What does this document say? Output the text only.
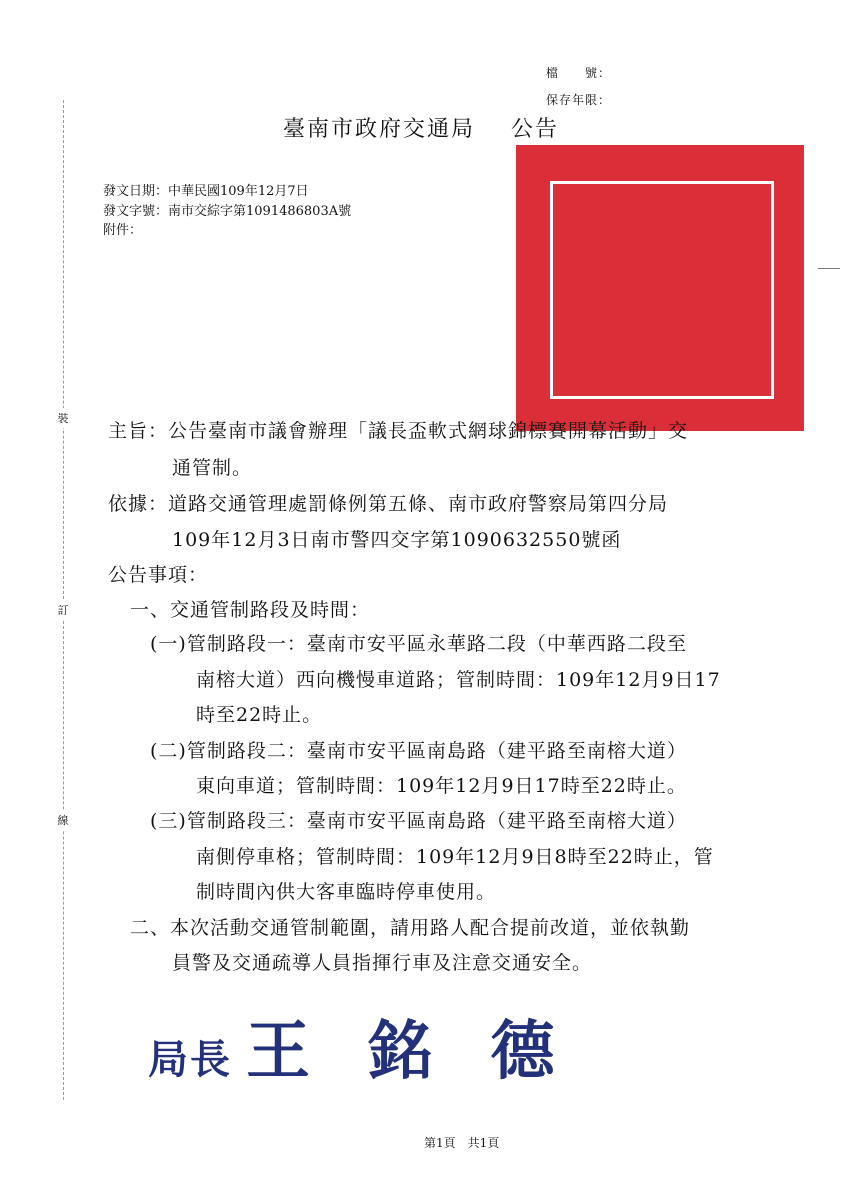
檔　　號：
保存年限：
裝
訂
線
臺南市政府交通局 公告
發文日期：中華民國109年12月7日
發文字號：南市交綜字第1091486803A號
附件：
主旨：公告臺南市議會辦理「議長盃軟式網球錦標賽開幕活動」交
通管制。
依據：道路交通管理處罰條例第五條、南市政府警察局第四分局
109年12月3日南市警四交字第1090632550號函
公告事項：
一、交通管制路段及時間：
(一)管制路段一：臺南市安平區永華路二段（中華西路二段至
南榕大道）西向機慢車道路；管制時間：109年12月9日17
時至22時止。
(二)管制路段二：臺南市安平區南島路（建平路至南榕大道）
東向車道；管制時間：109年12月9日17時至22時止。
(三)管制路段三：臺南市安平區南島路（建平路至南榕大道）
南側停車格；管制時間：109年12月9日8時至22時止，管
制時間內供大客車臨時停車使用。
二、本次活動交通管制範圍，請用路人配合提前改道，並依執勤
員警及交通疏導人員指揮行車及注意交通安全。
局長 王 銘 德
第1頁　共1頁
